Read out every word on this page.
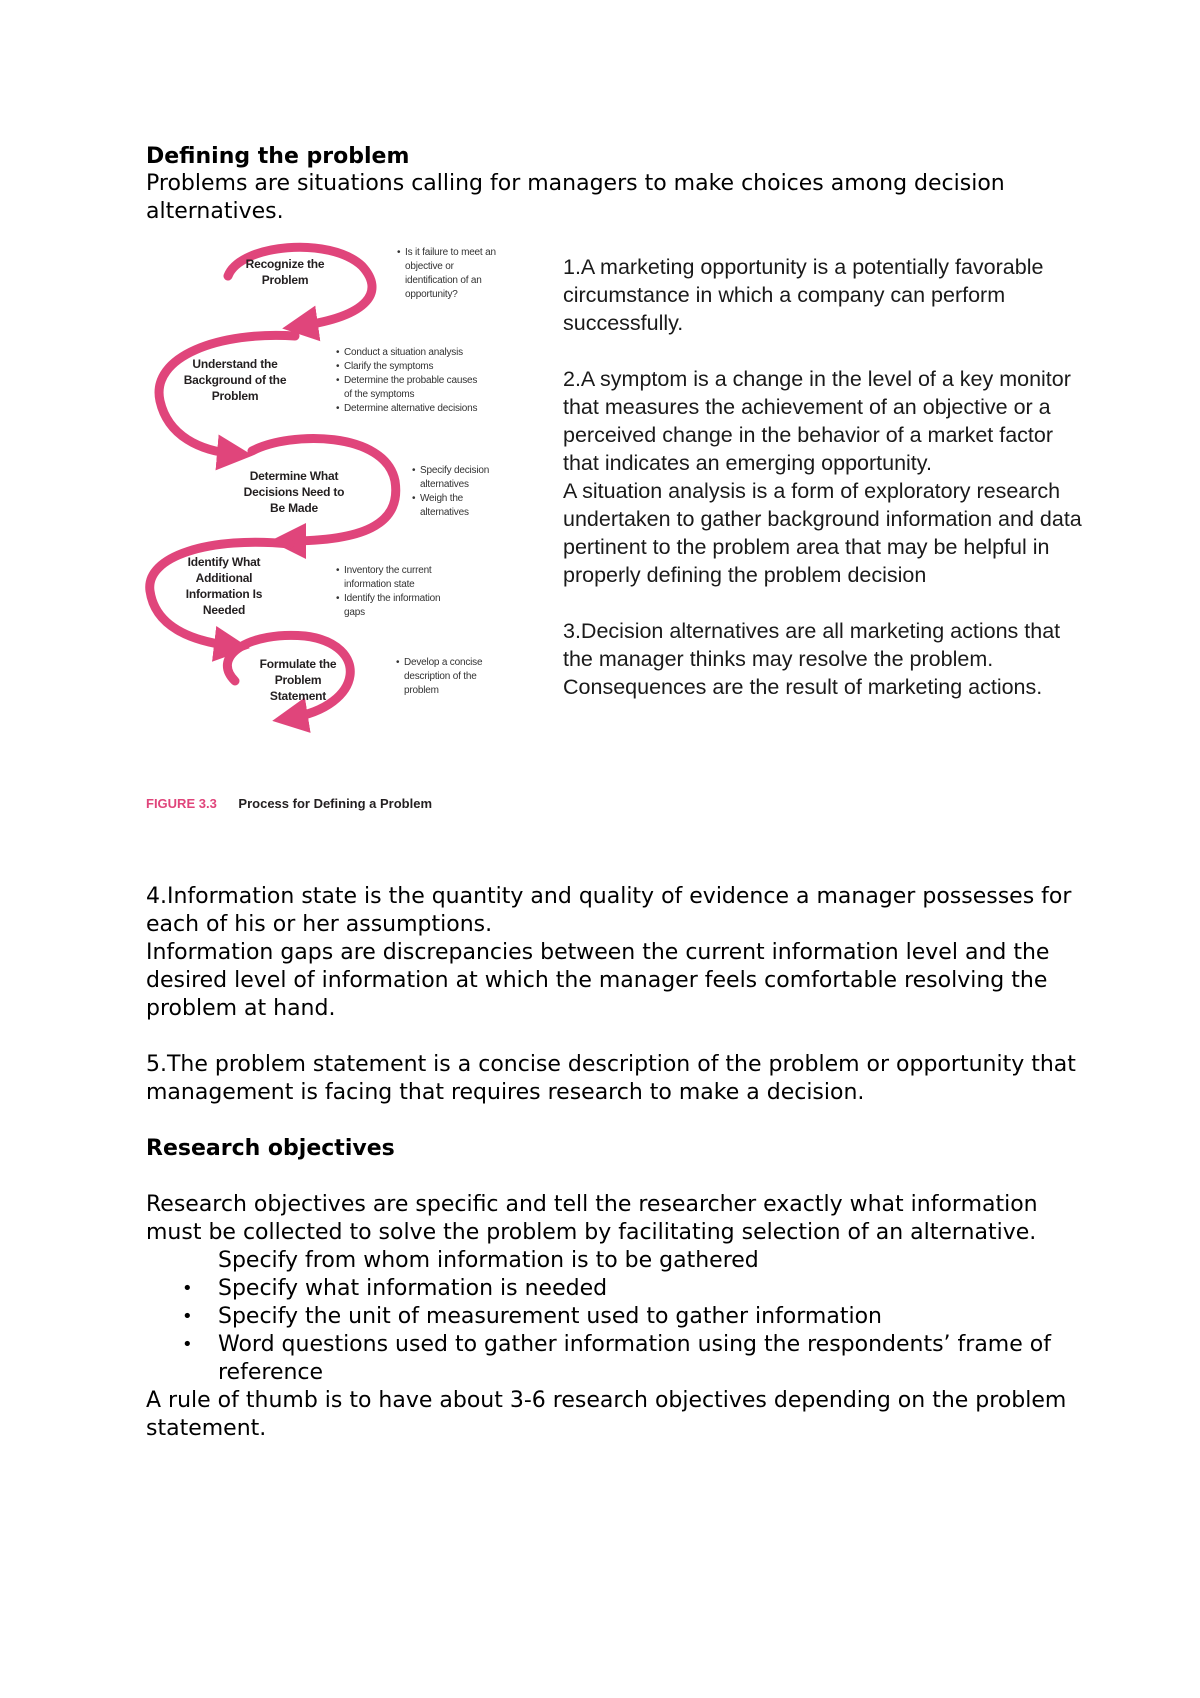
Defining the problem
Problems are situations calling for managers to make choices among decision alternatives.
Recognize the Problem
• Is it failure to meet an objective or identification of an opportunity?
Understand the Background of the Problem
• Conduct a situation analysis
• Clarify the symptoms
• Determine the probable causes of the symptoms
• Determine alternative decisions
Determine What Decisions Need to Be Made
• Specify decision alternatives
• Weigh the alternatives
Identify What Additional Information Is Needed
• Inventory the current information state
• Identify the information gaps
Formulate the Problem Statement
• Develop a concise description of the problem
FIGURE 3.3 Process for Defining a Problem

1.A marketing opportunity is a potentially favorable circumstance in which a company can perform successfully.

2.A symptom is a change in the level of a key monitor that measures the achievement of an objective or a perceived change in the behavior of a market factor that indicates an emerging opportunity.

A situation analysis is a form of exploratory research undertaken to gather background information and data pertinent to the problem area that may be helpful in properly defining the problem decision

3.Decision alternatives are all marketing actions that the manager thinks may resolve the problem.

Consequences are the result of marketing actions.

4.Information state is the quantity and quality of evidence a manager possesses for each of his or her assumptions.

Information gaps are discrepancies between the current information level and the desired level of information at which the manager feels comfortable resolving the problem at hand.

5.The problem statement is a concise description of the problem or opportunity that management is facing that requires research to make a decision.

Research objectives

Research objectives are specific and tell the researcher exactly what information must be collected to solve the problem by facilitating selection of an alternative.

Specify from whom information is to be gathered
• Specify what information is needed
• Specify the unit of measurement used to gather information
• Word questions used to gather information using the respondents’ frame of reference

A rule of thumb is to have about 3-6 research objectives depending on the problem statement.
